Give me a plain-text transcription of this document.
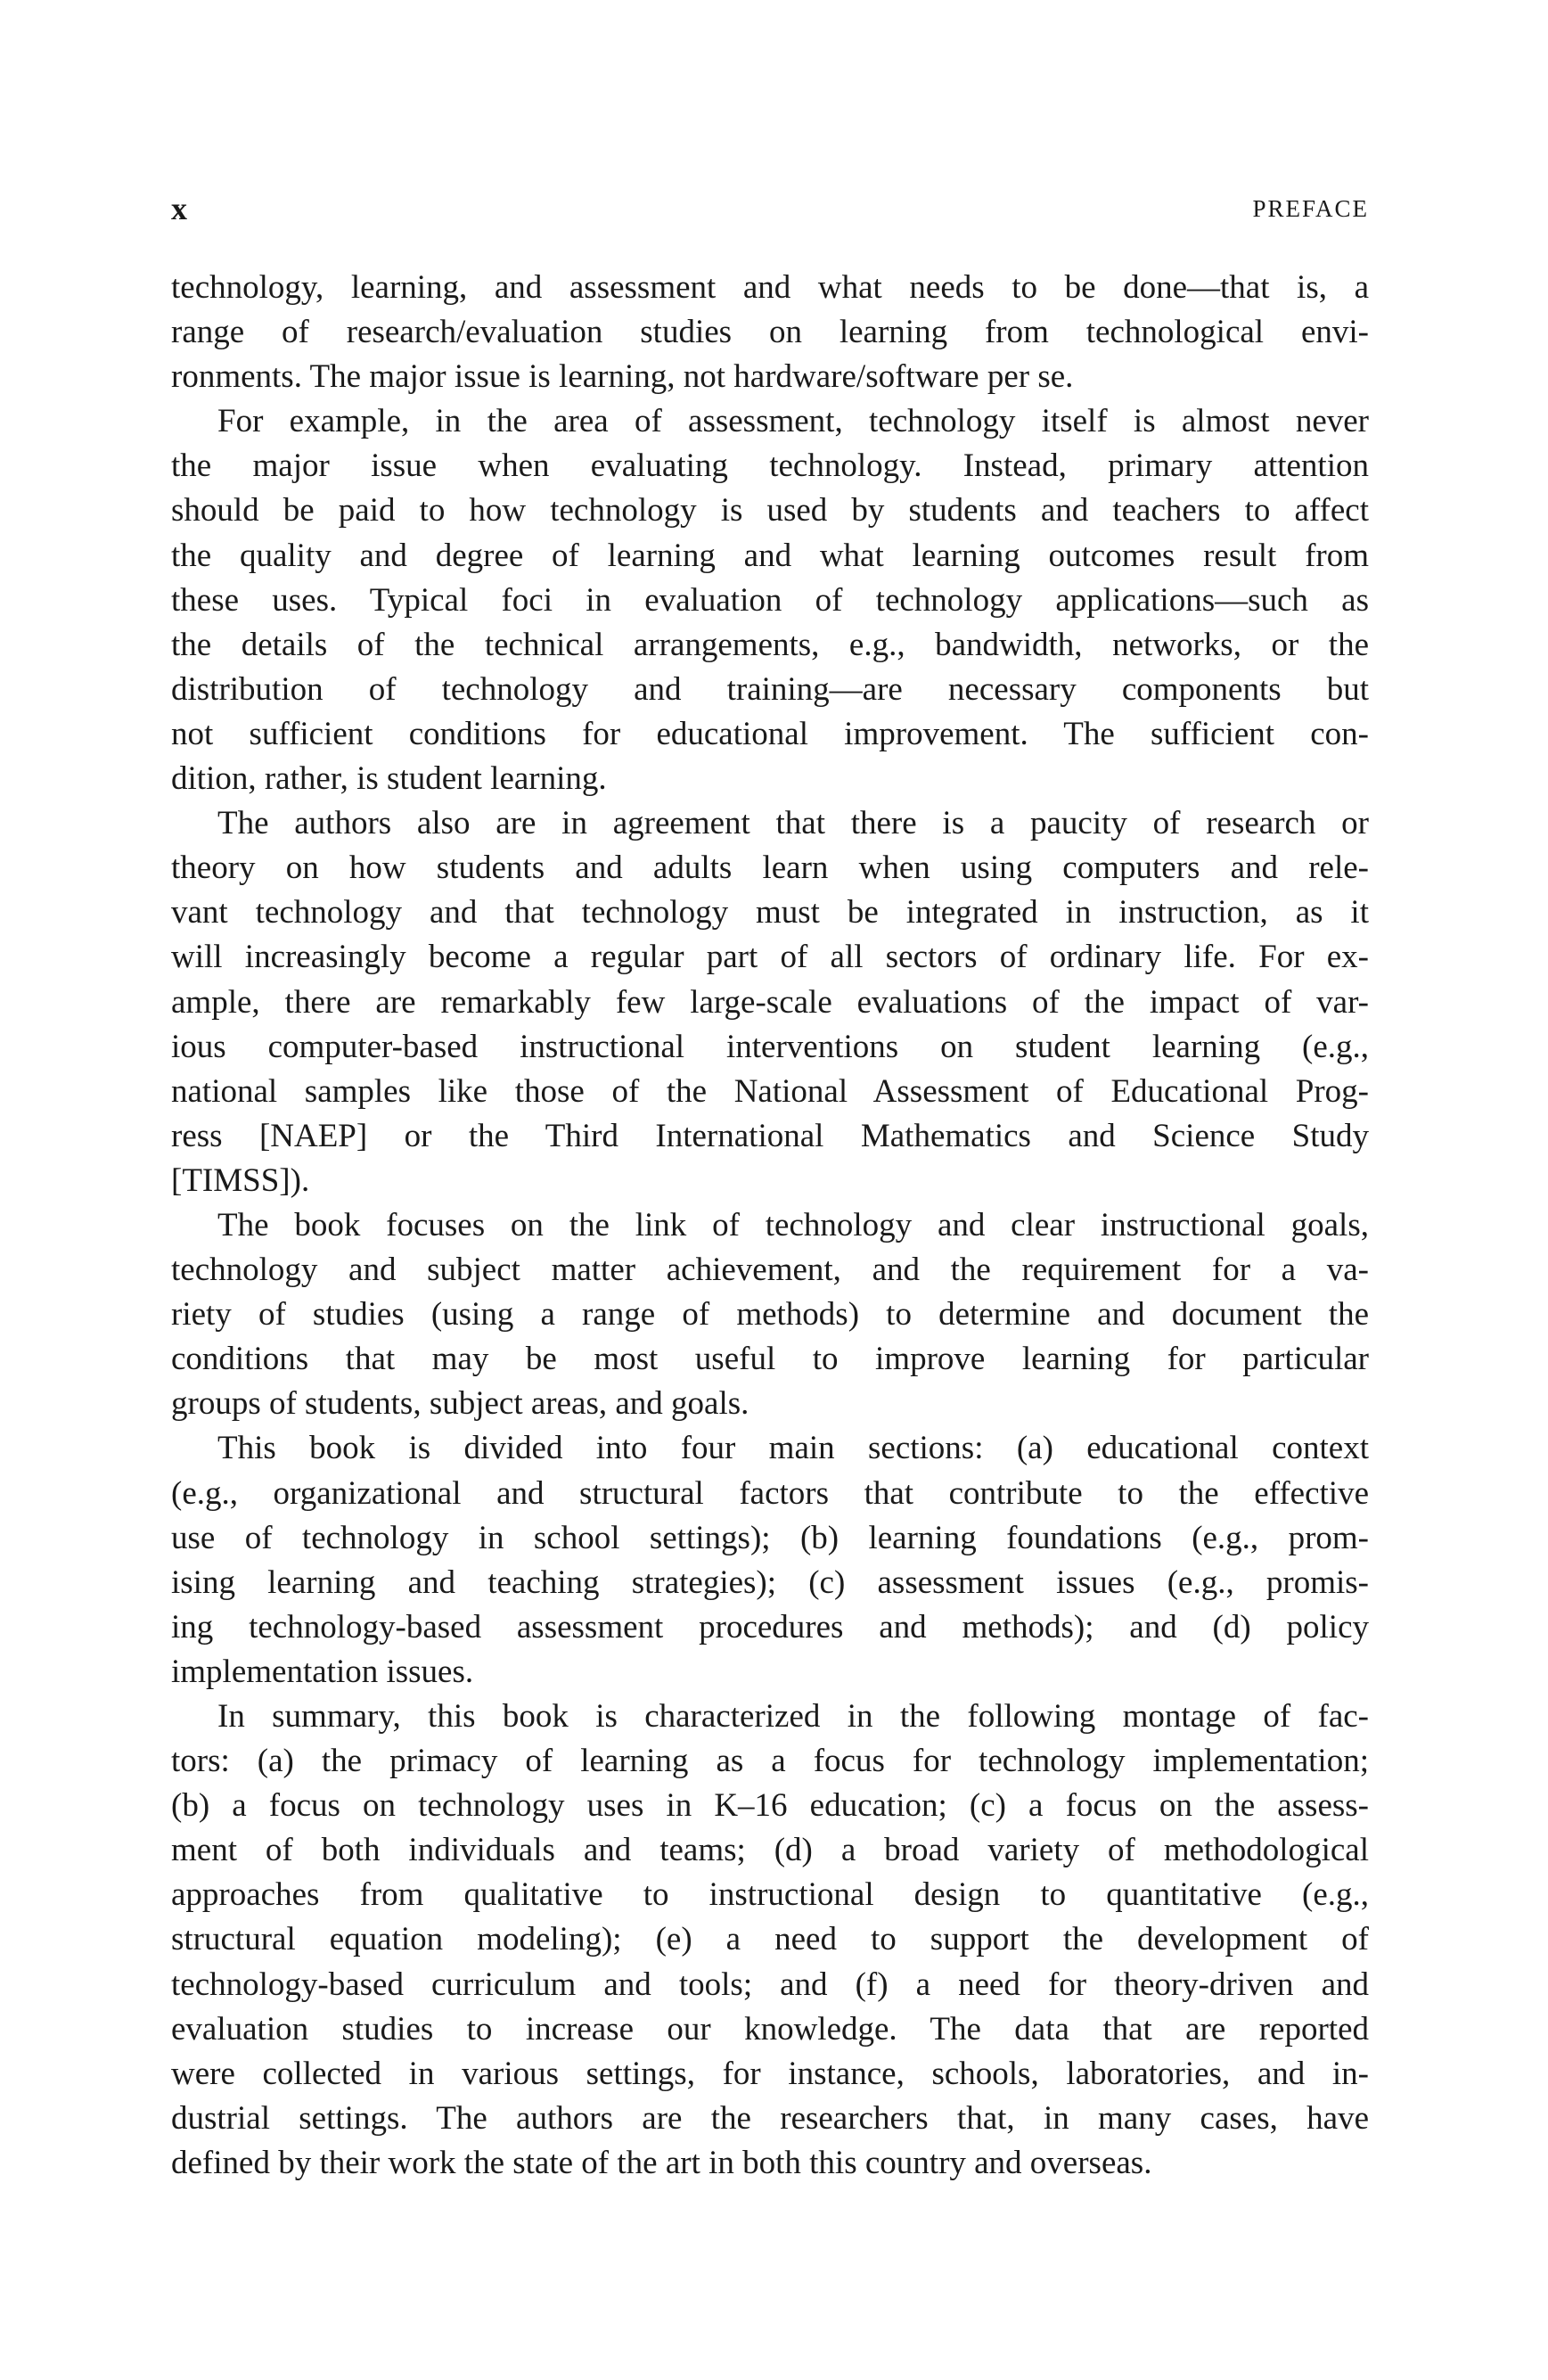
x	PREFACE

technology, learning, and assessment and what needs to be done—that is, a
range of research/evaluation studies on learning from technological envi-
ronments. The major issue is learning, not hardware/software per se.

For example, in the area of assessment, technology itself is almost never
the major issue when evaluating technology. Instead, primary attention
should be paid to how technology is used by students and teachers to affect
the quality and degree of learning and what learning outcomes result from
these uses. Typical foci in evaluation of technology applications—such as
the details of the technical arrangements, e.g., bandwidth, networks, or the
distribution of technology and training—are necessary components but
not sufficient conditions for educational improvement. The sufficient con-
dition, rather, is student learning.

The authors also are in agreement that there is a paucity of research or
theory on how students and adults learn when using computers and rele-
vant technology and that technology must be integrated in instruction, as it
will increasingly become a regular part of all sectors of ordinary life. For ex-
ample, there are remarkably few large-scale evaluations of the impact of var-
ious computer-based instructional interventions on student learning (e.g.,
national samples like those of the National Assessment of Educational Prog-
ress [NAEP] or the Third International Mathematics and Science Study
[TIMSS]).

The book focuses on the link of technology and clear instructional goals,
technology and subject matter achievement, and the requirement for a va-
riety of studies (using a range of methods) to determine and document the
conditions that may be most useful to improve learning for particular
groups of students, subject areas, and goals.

This book is divided into four main sections: (a) educational context
(e.g., organizational and structural factors that contribute to the effective
use of technology in school settings); (b) learning foundations (e.g., prom-
ising learning and teaching strategies); (c) assessment issues (e.g., promis-
ing technology-based assessment procedures and methods); and (d) policy
implementation issues.

In summary, this book is characterized in the following montage of fac-
tors: (a) the primacy of learning as a focus for technology implementation;
(b) a focus on technology uses in K–16 education; (c) a focus on the assess-
ment of both individuals and teams; (d) a broad variety of methodological
approaches from qualitative to instructional design to quantitative (e.g.,
structural equation modeling); (e) a need to support the development of
technology-based curriculum and tools; and (f) a need for theory-driven and
evaluation studies to increase our knowledge. The data that are reported
were collected in various settings, for instance, schools, laboratories, and in-
dustrial settings. The authors are the researchers that, in many cases, have
defined by their work the state of the art in both this country and overseas.
